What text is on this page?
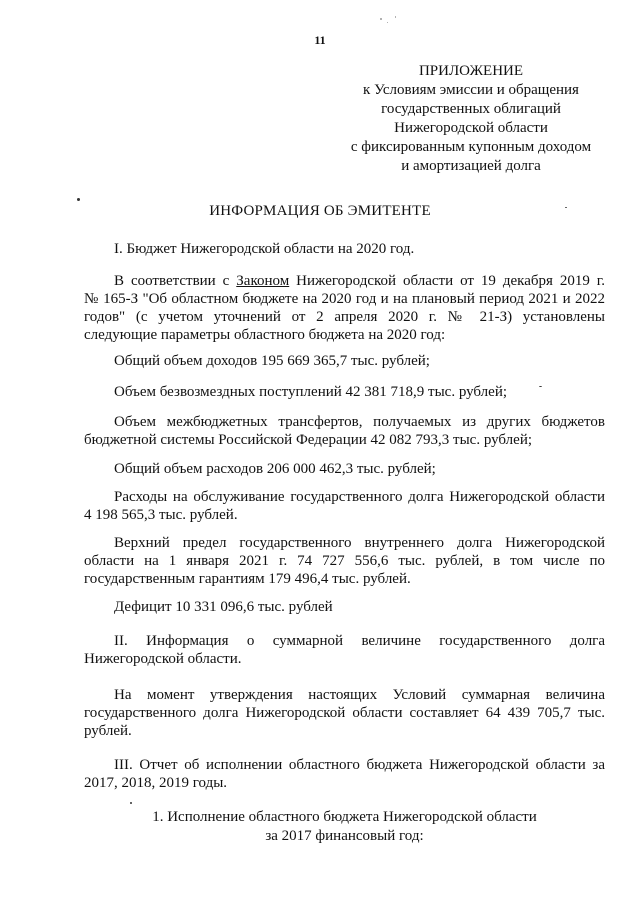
11
ПРИЛОЖЕНИЕ
к Условиям эмиссии и обращения
государственных облигаций
Нижегородской области
с фиксированным купонным доходом
и амортизацией долга
ИНФОРМАЦИЯ ОБ ЭМИТЕНТЕ
I. Бюджет Нижегородской области на 2020 год.
В соответствии с Законом Нижегородской области от 19 декабря 2019 г.
№ 165-З "Об областном бюджете на 2020 год и на плановый период 2021 и 2022
годов" (с учетом уточнений от 2 апреля 2020 г. № 21-З) установлены
следующие параметры областного бюджета на 2020 год:
Общий объем доходов 195 669 365,7 тыс. рублей;
Объем безвозмездных поступлений 42 381 718,9 тыс. рублей;
Объем межбюджетных трансфертов, получаемых из других бюджетов
бюджетной системы Российской Федерации 42 082 793,3 тыс. рублей;
Общий объем расходов 206 000 462,3 тыс. рублей;
Расходы на обслуживание государственного долга Нижегородской области
4 198 565,3 тыс. рублей.
Верхний предел государственного внутреннего долга Нижегородской
области на 1 января 2021 г. 74 727 556,6 тыс. рублей, в том числе по
государственным гарантиям 179 496,4 тыс. рублей.
Дефицит 10 331 096,6 тыс. рублей
II. Информация о суммарной величине государственного долга
Нижегородской области.
На момент утверждения настоящих Условий суммарная величина
государственного долга Нижегородской области составляет 64 439 705,7 тыс.
рублей.
III. Отчет об исполнении областного бюджета Нижегородской области за
2017, 2018, 2019 годы.
1. Исполнение областного бюджета Нижегородской области
за 2017 финансовый год:
